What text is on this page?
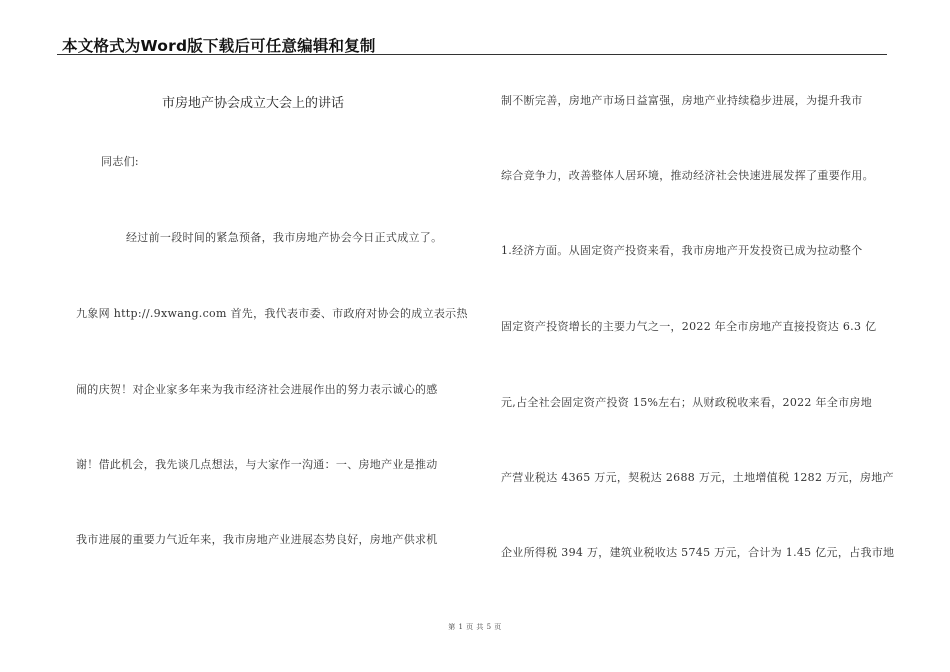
本文格式为Word版下载后可任意编辑和复制
市房地产协会成立大会上的讲话

同志们:

经过前一段时间的紧急预备，我市房地产协会今日正式成立了。

九象网 http://.9xwang.com 首先，我代表市委、市政府对协会的成立表示热

闹的庆贺！对企业家多年来为我市经济社会进展作出的努力表示诚心的感

谢！借此机会，我先谈几点想法，与大家作一沟通：一、房地产业是推动

我市进展的重要力气近年来，我市房地产业进展态势良好，房地产供求机

制不断完善，房地产市场日益富强，房地产业持续稳步进展，为提升我市

综合竞争力，改善整体人居环境，推动经济社会快速进展发挥了重要作用。

1.经济方面。从固定资产投资来看，我市房地产开发投资已成为拉动整个

固定资产投资增长的主要力气之一，2022 年全市房地产直接投资达 6.3 亿

元,占全社会固定资产投资 15%左右；从财政税收来看，2022 年全市房地

产营业税达 4365 万元，契税达 2688 万元，土地增值税 1282 万元，房地产

企业所得税 394 万，建筑业税收达 5745 万元，合计为 1.45 亿元，占我市地

第 1 页 共 5 页
